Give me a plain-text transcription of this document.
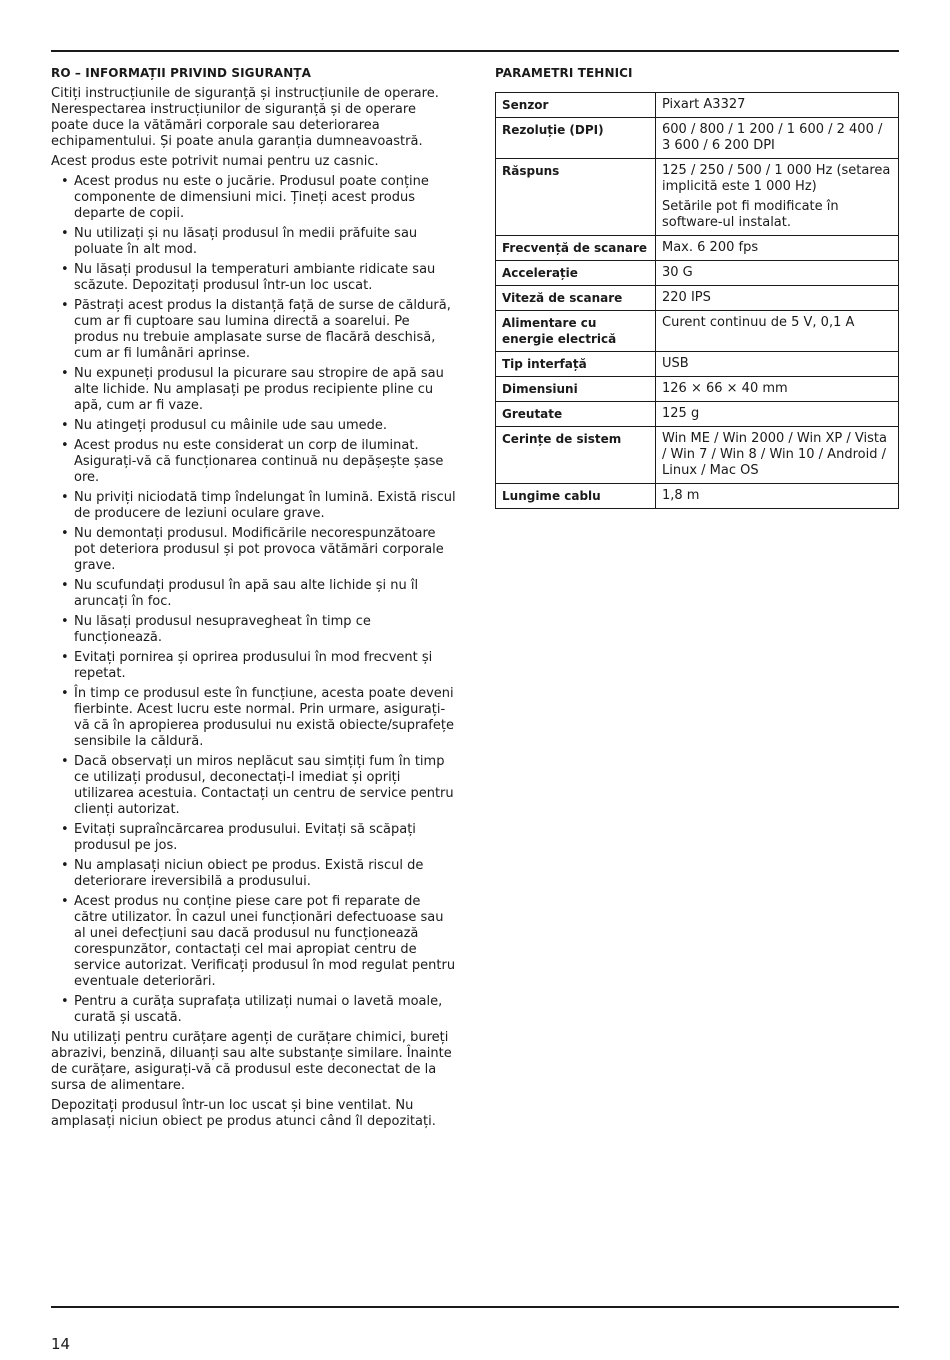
RO – INFORMAȚII PRIVIND SIGURANȚA

Citiți instrucțiunile de siguranță și instrucțiunile de operare. Nerespectarea instrucțiunilor de siguranță și de operare poate duce la vătămări corporale sau deteriorarea echipamentului. Și poate anula garanția dumneavoastră.

Acest produs este potrivit numai pentru uz casnic.

• Acest produs nu este o jucărie. Produsul poate conține componente de dimensiuni mici. Țineți acest produs departe de copii.
• Nu utilizați și nu lăsați produsul în medii prăfuite sau poluate în alt mod.
• Nu lăsați produsul la temperaturi ambiante ridicate sau scăzute. Depozitați produsul într-un loc uscat.
• Păstrați acest produs la distanță față de surse de căldură, cum ar fi cuptoare sau lumina directă a soarelui. Pe produs nu trebuie amplasate surse de flacără deschisă, cum ar fi lumânări aprinse.
• Nu expuneți produsul la picurare sau stropire de apă sau alte lichide. Nu amplasați pe produs recipiente pline cu apă, cum ar fi vaze.
• Nu atingeți produsul cu mâinile ude sau umede.
• Acest produs nu este considerat un corp de iluminat. Asigurați-vă că funcționarea continuă nu depășește șase ore.
• Nu priviți niciodată timp îndelungat în lumină. Există riscul de producere de leziuni oculare grave.
• Nu demontați produsul. Modificările necorespunzătoare pot deteriora produsul și pot provoca vătămări corporale grave.
• Nu scufundați produsul în apă sau alte lichide și nu îl aruncați în foc.
• Nu lăsați produsul nesupravegheat în timp ce funcționează.
• Evitați pornirea și oprirea produsului în mod frecvent și repetat.
• În timp ce produsul este în funcțiune, acesta poate deveni fierbinte. Acest lucru este normal. Prin urmare, asigurați-vă că în apropierea produsului nu există obiecte/suprafețe sensibile la căldură.
• Dacă observați un miros neplăcut sau simțiți fum în timp ce utilizați produsul, deconectați-l imediat și opriți utilizarea acestuia. Contactați un centru de service pentru clienți autorizat.
• Evitați supraîncărcarea produsului. Evitați să scăpați produsul pe jos.
• Nu amplasați niciun obiect pe produs. Există riscul de deteriorare ireversibilă a produsului.
• Acest produs nu conține piese care pot fi reparate de către utilizator. În cazul unei funcționări defectuoase sau al unei defecțiuni sau dacă produsul nu funcționează corespunzător, contactați cel mai apropiat centru de service autorizat. Verificați produsul în mod regulat pentru eventuale deteriorări.
• Pentru a curăța suprafața utilizați numai o lavetă moale, curată și uscată.

Nu utilizați pentru curățare agenți de curățare chimici, bureți abrazivi, benzină, diluanți sau alte substanțe similare. Înainte de curățare, asigurați-vă că produsul este deconectat de la sursa de alimentare.

Depozitați produsul într-un loc uscat și bine ventilat. Nu amplasați niciun obiect pe produs atunci când îl depozitați.

PARAMETRI TEHNICI
Senzor	Pixart A3327
Rezoluție (DPI)	600 / 800 / 1 200 / 1 600 / 2 400 / 3 600 / 6 200 DPI
Răspuns	125 / 250 / 500 / 1 000 Hz (setarea implicită este 1 000 Hz)
Setările pot fi modificate în software-ul instalat.

Frecvență de scanare	Max. 6 200 fps
Accelerație	30 G
Viteză de scanare	220 IPS
Alimentare cu energie electrică	Curent continuu de 5 V, 0,1 A
Tip interfață	USB
Dimensiuni	126 × 66 × 40 mm
Greutate	125 g
Cerințe de sistem	Win ME / Win 2000 / Win XP / Vista / Win 7 / Win 8 / Win 10 / Android / Linux / Mac OS
Lungime cablu	1,8 m
14
